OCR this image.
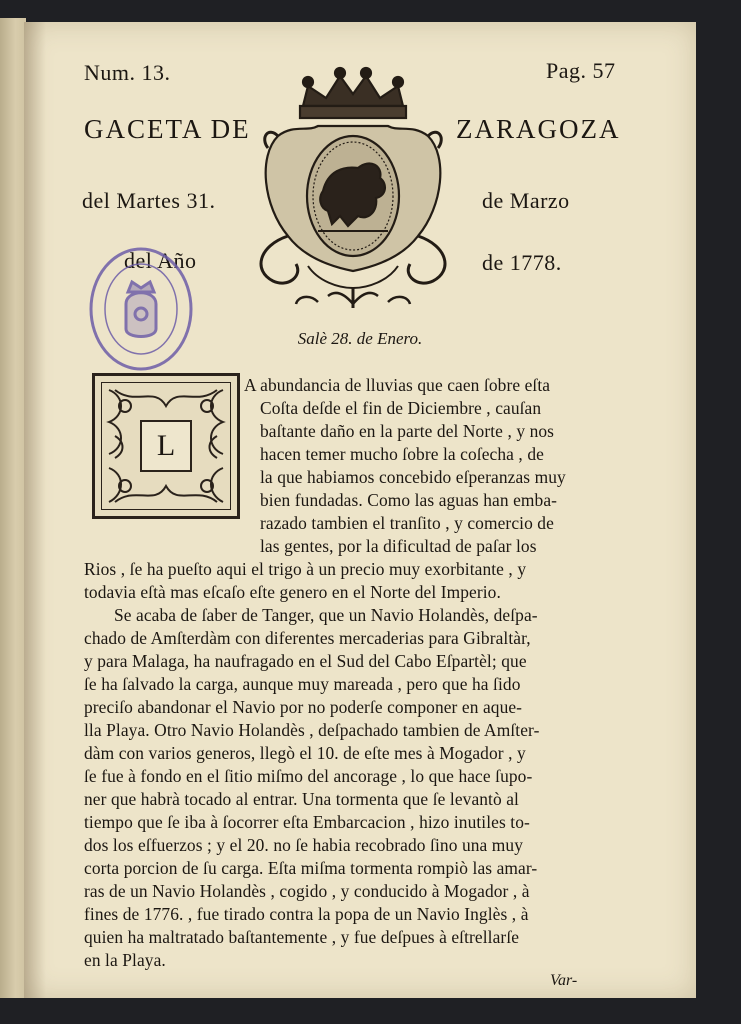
Num. 13.	Pag. 57
GACETA DE	ZARAGOZA
del Martes 31.	de Marzo
del Año	de 1778.
Salè 28. de Enero.
L
A abundancia de lluvias que caen ſobre eſta
Coſta deſde el fin de Diciembre , cauſan
baſtante daño en la parte del Norte , y nos
hacen temer mucho ſobre la coſecha , de
la que habiamos concebido eſperanzas muy
bien fundadas. Como las aguas han emba-
razado tambien el tranſito , y comercio de
las gentes, por la dificultad de paſar los
Rios , ſe ha pueſto aqui el trigo à un precio muy exorbitante , y
todavia eſtà mas eſcaſo eſte genero en el Norte del Imperio.
Se acaba de ſaber de Tanger, que un Navio Holandès, deſpa-
chado de Amſterdàm con diferentes mercaderias para Gibraltàr,
y para Malaga, ha naufragado en el Sud del Cabo Eſpartèl; que
ſe ha ſalvado la carga, aunque muy mareada , pero que ha ſido
preciſo abandonar el Navio por no poderſe componer en aque-
lla Playa. Otro Navio Holandès , deſpachado tambien de Amſter-
dàm con varios generos, llegò el 10. de eſte mes à Mogador , y
ſe fue à fondo en el ſitio miſmo del ancorage , lo que hace ſupo-
ner que habrà tocado al entrar. Una tormenta que ſe levantò al
tiempo que ſe iba à ſocorrer eſta Embarcacion , hizo inutiles to-
dos los eſfuerzos ; y el 20. no ſe habia recobrado ſino una muy
corta porcion de ſu carga. Eſta miſma tormenta rompiò las amar-
ras de un Navio Holandès , cogido , y conducido à Mogador , à
fines de 1776. , fue tirado contra la popa de un Navio Inglès , à
quien ha maltratado baſtantemente , y fue deſpues à eſtrellarſe
en la Playa.
Var-
